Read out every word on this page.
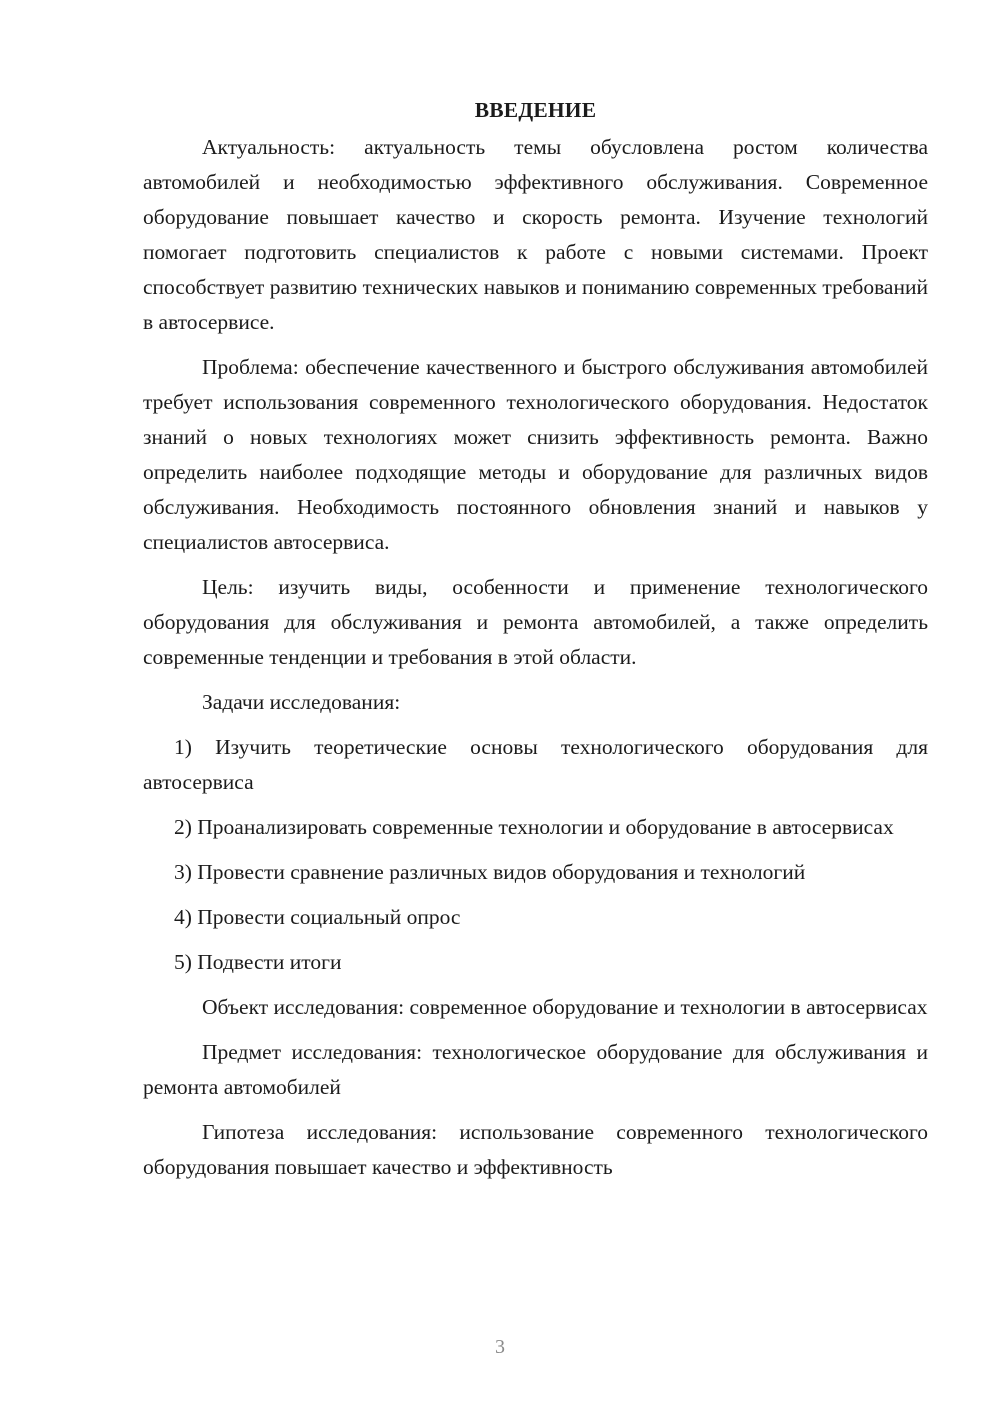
ВВЕДЕНИЕ

Актуальность: актуальность темы обусловлена ростом количества автомобилей и необходимостью эффективного обслуживания. Современное оборудование повышает качество и скорость ремонта. Изучение технологий помогает подготовить специалистов к работе с новыми системами. Проект способствует развитию технических навыков и пониманию современных требований в автосервисе.

Проблема: обеспечение качественного и быстрого обслуживания автомобилей требует использования современного технологического оборудования. Недостаток знаний о новых технологиях может снизить эффективность ремонта. Важно определить наиболее подходящие методы и оборудование для различных видов обслуживания. Необходимость постоянного обновления знаний и навыков у специалистов автосервиса.

Цель: изучить виды, особенности и применение технологического оборудования для обслуживания и ремонта автомобилей, а также определить современные тенденции и требования в этой области.

Задачи исследования:

1) Изучить теоретические основы технологического оборудования для автосервиса
2) Проанализировать современные технологии и оборудование в автосервисах
3) Провести сравнение различных видов оборудования и технологий
4) Провести социальный опрос
5) Подвести итоги

Объект исследования: современное оборудование и технологии в автосервисах

Предмет исследования: технологическое оборудование для обслуживания и ремонта автомобилей

Гипотеза исследования: использование современного технологического оборудования повышает качество и эффективность

3
